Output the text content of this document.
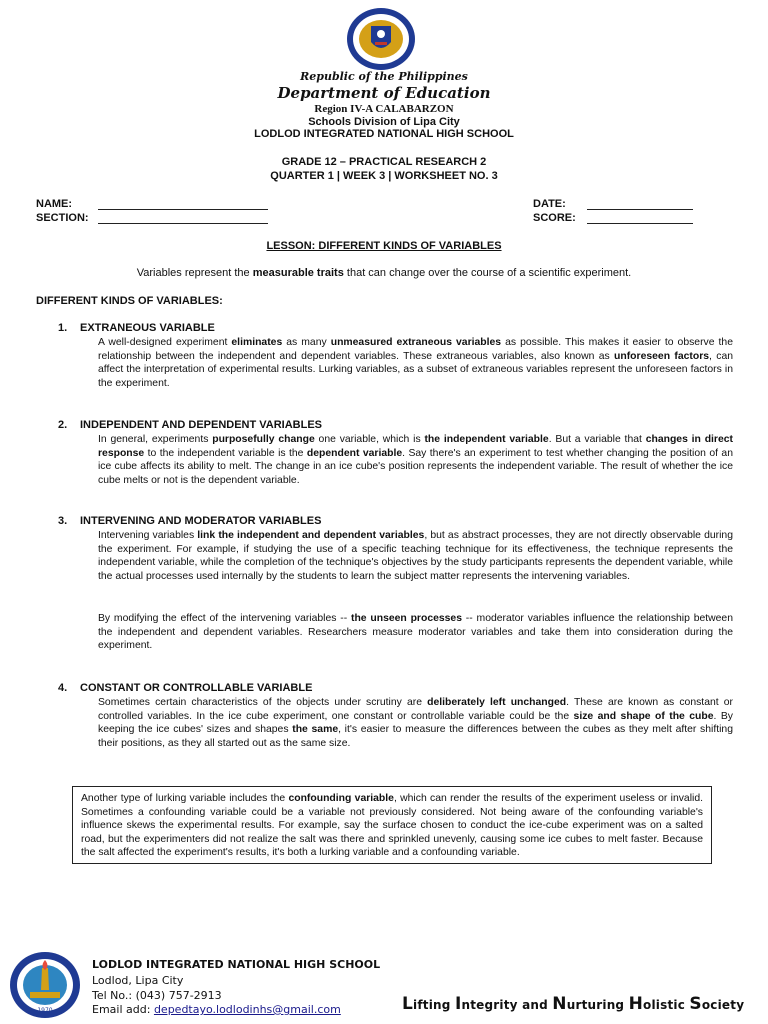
Republic of the Philippines
Department of Education
Region IV-A CALABARZON
Schools Division of Lipa City
LODLOD INTEGRATED NATIONAL HIGH SCHOOL
GRADE 12 – PRACTICAL RESEARCH 2
QUARTER 1 | WEEK 3 | WORKSHEET NO. 3
NAME:
SECTION:
DATE:
SCORE:
LESSON: DIFFERENT KINDS OF VARIABLES
Variables represent the measurable traits that can change over the course of a scientific experiment.
DIFFERENT KINDS OF VARIABLES:
1. EXTRANEOUS VARIABLE
A well-designed experiment eliminates as many unmeasured extraneous variables as possible. This makes it easier to observe the relationship between the independent and dependent variables. These extraneous variables, also known as unforeseen factors, can affect the interpretation of experimental results. Lurking variables, as a subset of extraneous variables represent the unforeseen factors in the experiment.
2. INDEPENDENT AND DEPENDENT VARIABLES
In general, experiments purposefully change one variable, which is the independent variable. But a variable that changes in direct response to the independent variable is the dependent variable. Say there's an experiment to test whether changing the position of an ice cube affects its ability to melt. The change in an ice cube's position represents the independent variable. The result of whether the ice cube melts or not is the dependent variable.
3. INTERVENING AND MODERATOR VARIABLES
Intervening variables link the independent and dependent variables, but as abstract processes, they are not directly observable during the experiment. For example, if studying the use of a specific teaching technique for its effectiveness, the technique represents the independent variable, while the completion of the technique's objectives by the study participants represents the dependent variable, while the actual processes used internally by the students to learn the subject matter represents the intervening variables.
By modifying the effect of the intervening variables -- the unseen processes -- moderator variables influence the relationship between the independent and dependent variables. Researchers measure moderator variables and take them into consideration during the experiment.
4. CONSTANT OR CONTROLLABLE VARIABLE
Sometimes certain characteristics of the objects under scrutiny are deliberately left unchanged. These are known as constant or controlled variables. In the ice cube experiment, one constant or controllable variable could be the size and shape of the cube. By keeping the ice cubes' sizes and shapes the same, it's easier to measure the differences between the cubes as they melt after shifting their positions, as they all started out as the same size.
Another type of lurking variable includes the confounding variable, which can render the results of the experiment useless or invalid. Sometimes a confounding variable could be a variable not previously considered. Not being aware of the confounding variable's influence skews the experimental results. For example, say the surface chosen to conduct the ice-cube experiment was on a salted road, but the experimenters did not realize the salt was there and sprinkled unevenly, causing some ice cubes to melt faster. Because the salt affected the experiment's results, it's both a lurking variable and a confounding variable.
1970
LODLOD INTEGRATED NATIONAL HIGH SCHOOL
Lodlod, Lipa City
Tel No.: (043) 757-2913
Email add: depedtayo.lodlodinhs@gmail.com	Lifting Integrity and Nurturing Holistic Society
